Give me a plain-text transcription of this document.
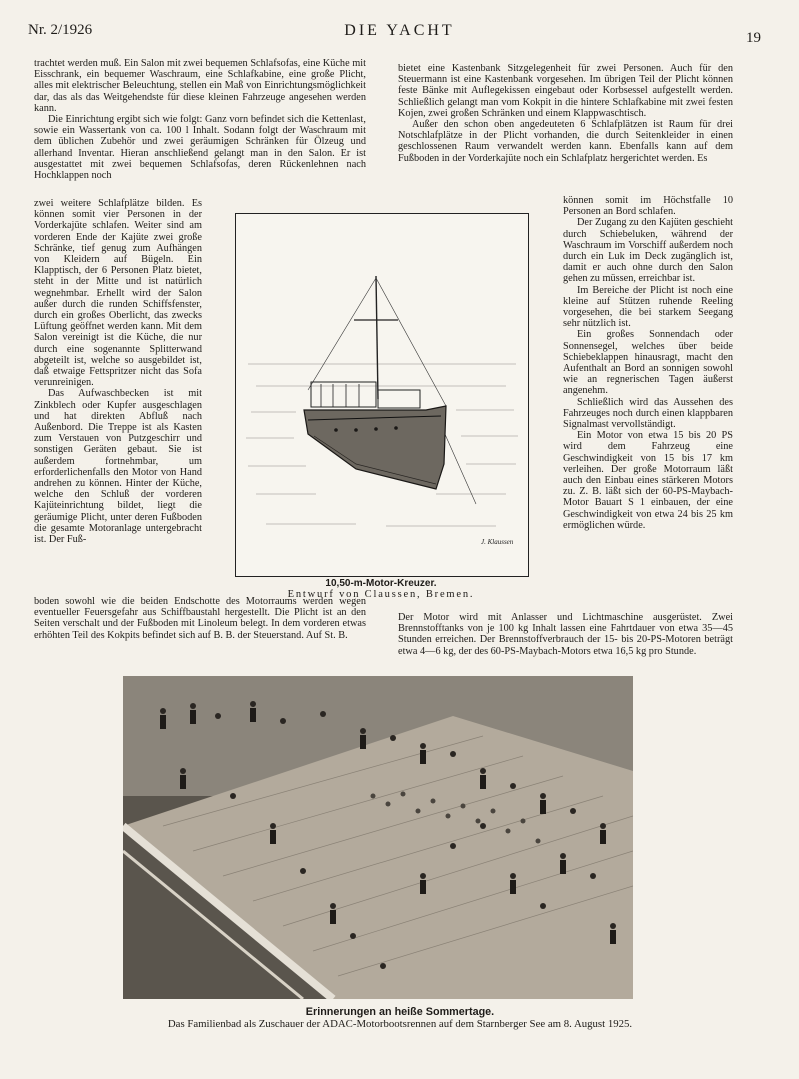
Nr. 2/1926	DIE YACHT	19

trachtet werden muß. Ein Salon mit zwei bequemen Schlafsofas, eine Küche mit Eisschrank, ein bequemer Waschraum, eine Schlafkabine, eine große Plicht, alles mit elektrischer Beleuchtung, stellen ein Maß von Einrichtungsmöglichkeit dar, das als das Weitgehendste für diese kleinen Fahrzeuge angesehen werden kann.

Die Einrichtung ergibt sich wie folgt: Ganz vorn befindet sich die Kettenlast, sowie ein Wassertank von ca. 100 l Inhalt. Sodann folgt der Waschraum mit dem üblichen Zubehör und zwei geräumigen Schränken für Ölzeug und allerhand Inventar. Hieran anschließend gelangt man in den Salon. Er ist ausgestattet mit zwei bequemen Schlafsofas, deren Rückenlehnen nach Hochklappen noch

zwei weitere Schlafplätze bilden. Es können somit vier Personen in der Vorderkajüte schlafen. Weiter sind am vorderen Ende der Kajüte zwei große Schränke, tief genug zum Aufhängen von Kleidern auf Bügeln. Ein Klapptisch, der 6 Personen Platz bietet, steht in der Mitte und ist natürlich wegnehmbar. Erhellt wird der Salon außer durch die runden Schiffsfenster, durch ein großes Oberlicht, das zwecks Lüftung geöffnet werden kann. Mit dem Salon vereinigt ist die Küche, die nur durch eine sogenannte Splitterwand abgeteilt ist, welche so ausgebildet ist, daß etwaige Fettspritzer nicht das Sofa verunreinigen.

Das Aufwaschbecken ist mit Zinkblech oder Kupfer ausgeschlagen und hat direkten Abfluß nach Außenbord. Die Treppe ist als Kasten zum Verstauen von Putzgeschirr und sonstigen Geräten gebaut. Sie ist außerdem fortnehmbar, um erforderlichenfalls den Motor von Hand andrehen zu können. Hinter der Küche, welche den Schluß der vorderen Kajüteinrichtung bildet, liegt die geräumige Plicht, unter deren Fußboden die gesamte Motoranlage untergebracht ist. Der Fuß-

boden sowohl wie die beiden Endschotte des Motorraums werden wegen eventueller Feuersgefahr aus Schiffbaustahl hergestellt. Die Plicht ist an den Seiten verschalt und der Fußboden mit Linoleum belegt. In dem vorderen etwas erhöhten Teil des Kokpits befindet sich auf B. B. der Steuerstand. Auf St. B.

bietet eine Kastenbank Sitzgelegenheit für zwei Personen. Auch für den Steuermann ist eine Kastenbank vorgesehen. Im übrigen Teil der Plicht können feste Bänke mit Auflegekissen eingebaut oder Korbsessel aufgestellt werden. Schließlich gelangt man vom Kokpit in die hintere Schlafkabine mit zwei festen Kojen, zwei großen Schränken und einem Klappwaschtisch.

Außer den schon oben angedeuteten 6 Schlafplätzen ist Raum für drei Notschlafplätze in der Plicht vorhanden, die durch Seitenkleider in einen geschlossenen Raum verwandelt werden kann. Ebenfalls kann auf dem Fußboden in der Vorderkajüte noch ein Schlafplatz hergerichtet werden. Es

können somit im Höchstfalle 10 Personen an Bord schlafen.

Der Zugang zu den Kajüten geschieht durch Schiebeluken, während der Waschraum im Vorschiff außerdem noch durch ein Luk im Deck zugänglich ist, damit er auch ohne durch den Salon gehen zu müssen, erreichbar ist.

Im Bereiche der Plicht ist noch eine kleine auf Stützen ruhende Reeling vorgesehen, die bei starkem Seegang sehr nützlich ist.

Ein großes Sonnendach oder Sonnensegel, welches über beide Schiebeklappen hinausragt, macht den Aufenthalt an Bord an sonnigen sowohl wie an regnerischen Tagen äußerst angenehm.

Schließlich wird das Aussehen des Fahrzeuges noch durch einen klappbaren Signalmast vervollständigt.

Ein Motor von etwa 15 bis 20 PS wird dem Fahrzeug eine Geschwindigkeit von 15 bis 17 km verleihen. Der große Motorraum läßt auch den Einbau eines stärkeren Motors zu. Z. B. läßt sich der 60-PS-Maybach-Motor Bauart S 1 einbauen, der eine Geschwindigkeit von etwa 24 bis 25 km ermöglichen würde.

Der Motor wird mit Anlasser und Lichtmaschine ausgerüstet. Zwei Brennstofftanks von je 100 kg Inhalt lassen eine Fahrtdauer von etwa 35—45 Stunden erreichen. Der Brennstoffverbrauch der 15- bis 20-PS-Motoren beträgt etwa 4—6 kg, der des 60-PS-Maybach-Motors etwa 16,5 kg pro Stunde.

J. Klaussen
10,50-m-Motor-Kreuzer.
Entwurf von Claussen, Bremen.
Erinnerungen an heiße Sommertage.
Das Familienbad als Zuschauer der ADAC-Motorbootsrennen auf dem Starnberger See am 8. August 1925.
